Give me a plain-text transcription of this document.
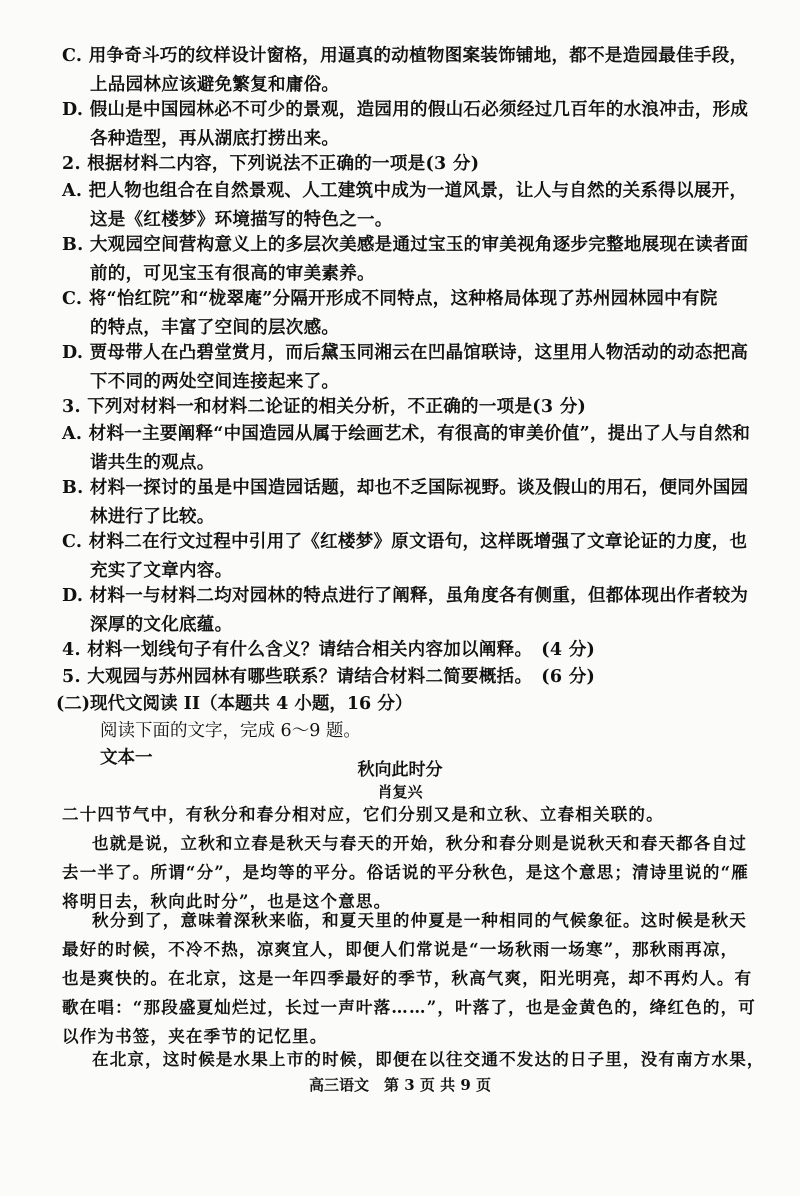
C. 用争奇斗巧的纹样设计窗格，用逼真的动植物图案装饰铺地，都不是造园最佳手段，
上品园林应该避免繁复和庸俗。
D. 假山是中国园林必不可少的景观，造园用的假山石必须经过几百年的水浪冲击，形成
各种造型，再从湖底打捞出来。
2. 根据材料二内容，下列说法不正确的一项是(3 分)
A. 把人物也组合在自然景观、人工建筑中成为一道风景，让人与自然的关系得以展开，
这是《红楼梦》环境描写的特色之一。
B. 大观园空间营构意义上的多层次美感是通过宝玉的审美视角逐步完整地展现在读者面
前的，可见宝玉有很高的审美素养。
C. 将“怡红院”和“栊翠庵”分隔开形成不同特点，这种格局体现了苏州园林园中有院
的特点，丰富了空间的层次感。
D. 贾母带人在凸碧堂赏月，而后黛玉同湘云在凹晶馆联诗，这里用人物活动的动态把高
下不同的两处空间连接起来了。
3. 下列对材料一和材料二论证的相关分析，不正确的一项是(3 分)
A. 材料一主要阐释“中国造园从属于绘画艺术，有很高的审美价值”，提出了人与自然和
谐共生的观点。
B. 材料一探讨的虽是中国造园话题，却也不乏国际视野。谈及假山的用石，便同外国园
林进行了比较。
C. 材料二在行文过程中引用了《红楼梦》原文语句，这样既增强了文章论证的力度，也
充实了文章内容。
D. 材料一与材料二均对园林的特点进行了阐释，虽角度各有侧重，但都体现出作者较为
深厚的文化底蕴。
4. 材料一划线句子有什么含义？请结合相关内容加以阐释。　(4 分)
5. 大观园与苏州园林有哪些联系？请结合材料二简要概括。　(6 分)
(二)现代文阅读 II（本题共 4 小题，16 分）
阅读下面的文字，完成 6～9 题。
文本一
秋向此时分
肖复兴
二十四节气中，有秋分和春分相对应，它们分别又是和立秋、立春相关联的。
也就是说，立秋和立春是秋天与春天的开始，秋分和春分则是说秋天和春天都各自过
去一半了。所谓“分”，是均等的平分。俗话说的平分秋色，是这个意思；清诗里说的“雁
将明日去，秋向此时分”，也是这个意思。
秋分到了，意味着深秋来临，和夏天里的仲夏是一种相同的气候象征。这时候是秋天
最好的时候，不冷不热，凉爽宜人，即便人们常说是“一场秋雨一场寒”，那秋雨再凉，
也是爽快的。在北京，这是一年四季最好的季节，秋高气爽，阳光明亮，却不再灼人。有
歌在唱：“那段盛夏灿烂过，长过一声叶落……”，叶落了，也是金黄色的，绛红色的，可
以作为书签，夹在季节的记忆里。
在北京，这时候是水果上市的时候，即便在以往交通不发达的日子里，没有南方水果，
高三语文　第 3 页 共 9 页
